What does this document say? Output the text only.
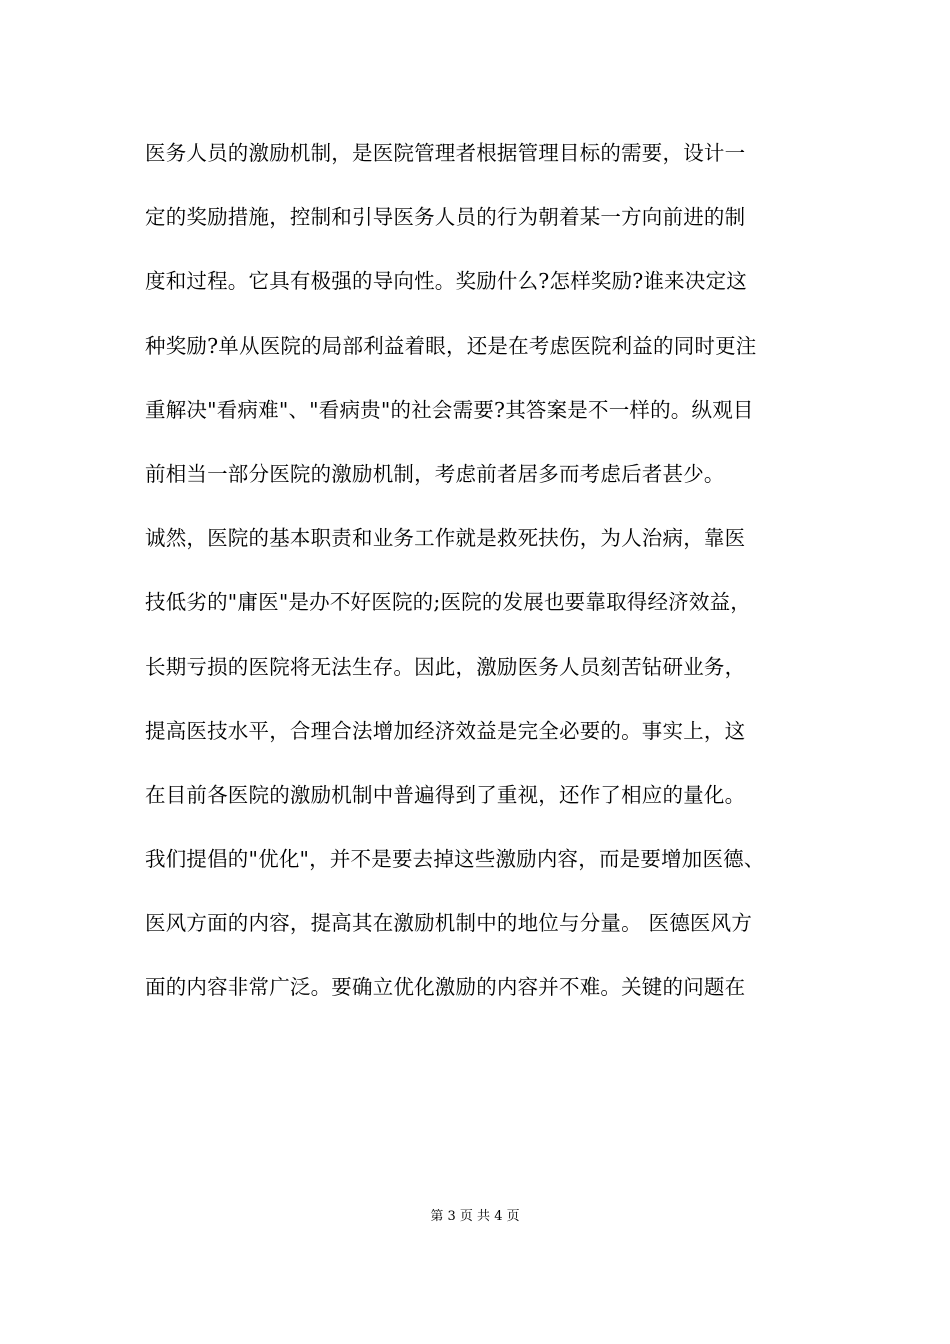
医务人员的激励机制，是医院管理者根据管理目标的需要，设计一
定的奖励措施，控制和引导医务人员的行为朝着某一方向前进的制
度和过程。它具有极强的导向性。奖励什么?怎样奖励?谁来决定这
种奖励?单从医院的局部利益着眼，还是在考虑医院利益的同时更注
重解决"看病难"、"看病贵"的社会需要?其答案是不一样的。纵观目
前相当一部分医院的激励机制，考虑前者居多而考虑后者甚少。
诚然，医院的基本职责和业务工作就是救死扶伤，为人治病，靠医
技低劣的"庸医"是办不好医院的;医院的发展也要靠取得经济效益，
长期亏损的医院将无法生存。因此，激励医务人员刻苦钻研业务，
提高医技水平，合理合法增加经济效益是完全必要的。事实上，这
在目前各医院的激励机制中普遍得到了重视，还作了相应的量化。
我们提倡的"优化"，并不是要去掉这些激励内容，而是要增加医德、
医风方面的内容，提高其在激励机制中的地位与分量。 医德医风方
面的内容非常广泛。要确立优化激励的内容并不难。关键的问题在
第 3 页 共 4 页
